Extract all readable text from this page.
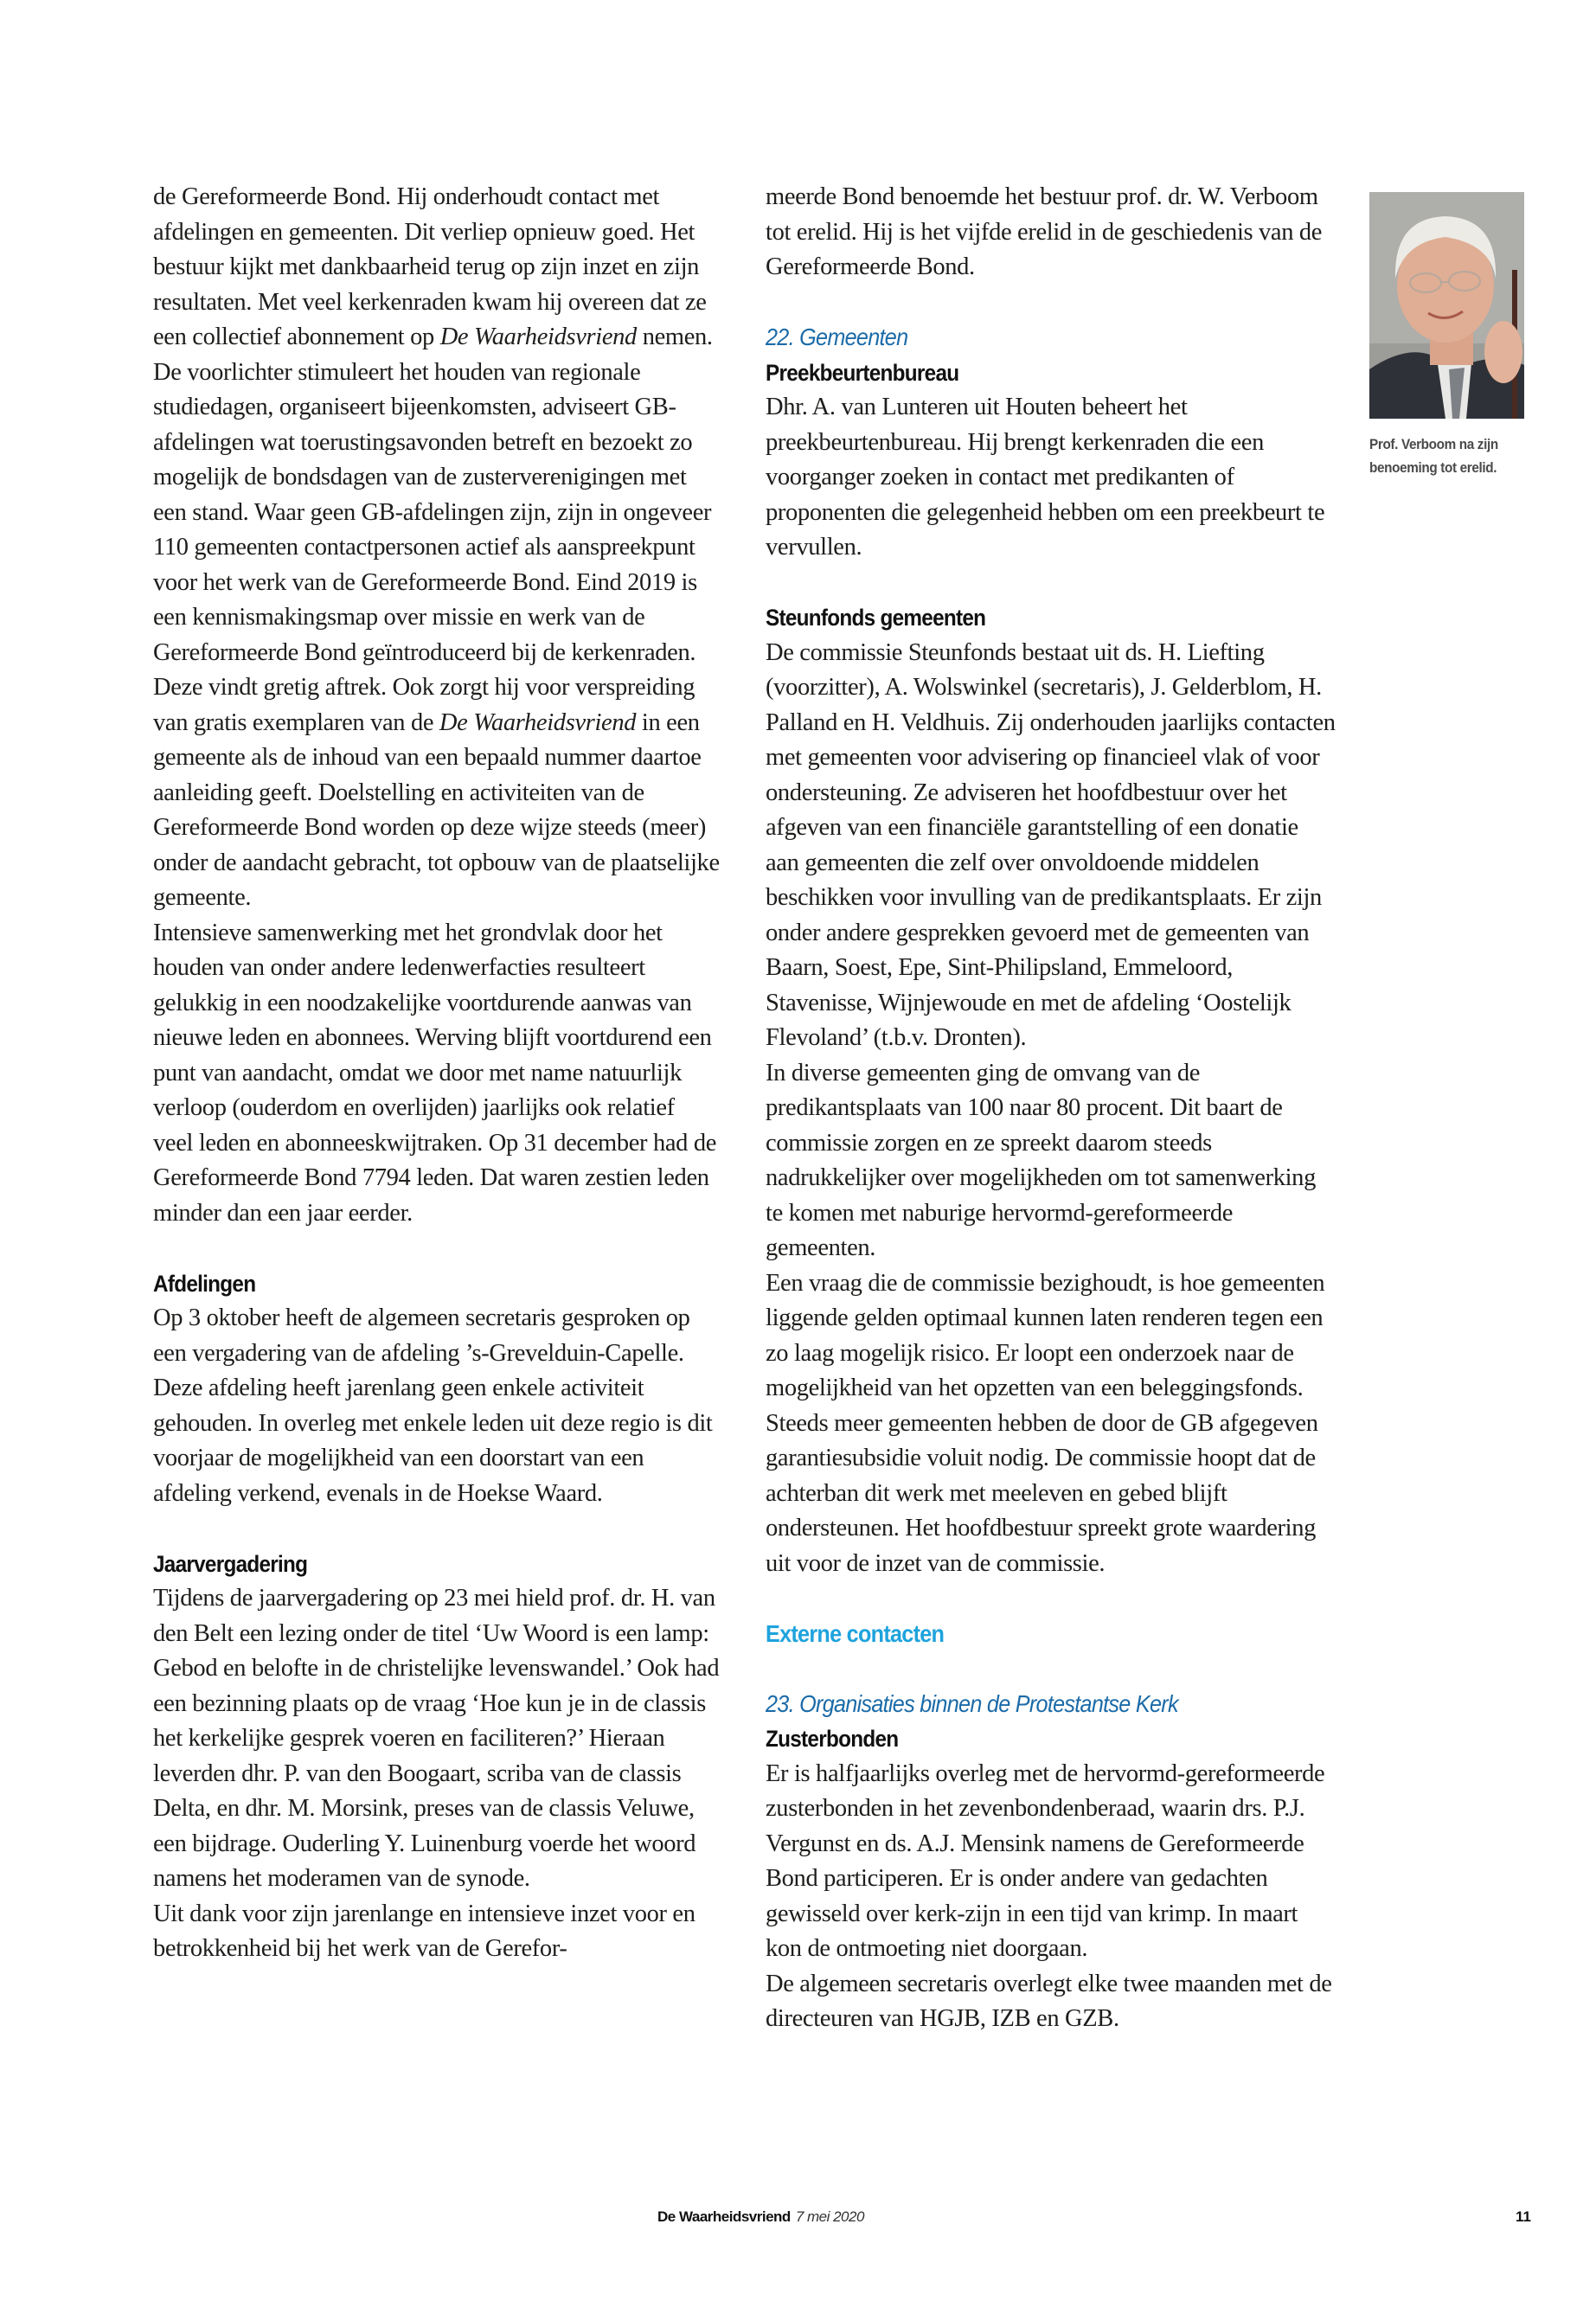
de Gereformeerde Bond. Hij onderhoudt contact met afdelingen en gemeenten. Dit verliep opnieuw goed. Het bestuur kijkt met dankbaarheid terug op zijn inzet en zijn resultaten. Met veel kerkenraden kwam hij overeen dat ze een collectief abonnement op De Waarheidsvriend nemen. De voorlichter stimuleert het houden van regionale studiedagen, organiseert bijeenkomsten, adviseert GB-afdelingen wat toerustingsavonden betreft en bezoekt zo mogelijk de bondsdagen van de zusterverenigingen met een stand. Waar geen GB-afdelingen zijn, zijn in ongeveer 110 gemeenten contactpersonen actief als aanspreekpunt voor het werk van de Gereformeerde Bond. Eind 2019 is een kennismakingsmap over missie en werk van de Gereformeerde Bond geïntroduceerd bij de kerkenraden. Deze vindt gretig aftrek. Ook zorgt hij voor verspreiding van gratis exemplaren van de De Waarheidsvriend in een gemeente als de inhoud van een bepaald nummer daartoe aanleiding geeft. Doelstelling en activiteiten van de Gereformeerde Bond worden op deze wijze steeds (meer) onder de aandacht gebracht, tot opbouw van de plaatselijke gemeente.

Intensieve samenwerking met het grondvlak door het houden van onder andere ledenwerfacties resulteert gelukkig in een noodzakelijke voortdurende aanwas van nieuwe leden en abonnees. Werving blijft voortdurend een punt van aandacht, omdat we door met name natuurlijk verloop (ouderdom en overlijden) jaarlijks ook relatief veel leden en abonneeskwijtraken. Op 31 december had de Gereformeerde Bond 7794 leden. Dat waren zestien leden minder dan een jaar eerder.

Afdelingen

Op 3 oktober heeft de algemeen secretaris gesproken op een vergadering van de afdeling ’s-Grevelduin-Capelle. Deze afdeling heeft jarenlang geen enkele activiteit gehouden. In overleg met enkele leden uit deze regio is dit voorjaar de mogelijkheid van een doorstart van een afdeling verkend, evenals in de Hoekse Waard.

Jaarvergadering

Tijdens de jaarvergadering op 23 mei hield prof. dr. H. van den Belt een lezing onder de titel ‘Uw Woord is een lamp: Gebod en belofte in de christelijke levenswandel.’ Ook had een bezinning plaats op de vraag ‘Hoe kun je in de classis het kerkelijke gesprek voeren en faciliteren?’ Hieraan leverden dhr. P. van den Boogaart, scriba van de classis Delta, en dhr. M. Morsink, preses van de classis Veluwe, een bijdrage. Ouderling Y. Luinenburg voerde het woord namens het moderamen van de synode.

Uit dank voor zijn jarenlange en intensieve inzet voor en betrokkenheid bij het werk van de Gerefor-

meerde Bond benoemde het bestuur prof. dr. W. Verboom tot erelid. Hij is het vijfde erelid in de geschiedenis van de Gereformeerde Bond.

22. Gemeenten
Preekbeurtenbureau

Dhr. A. van Lunteren uit Houten beheert het preekbeurtenbureau. Hij brengt kerkenraden die een voorganger zoeken in contact met predikanten of proponenten die gelegenheid hebben om een preekbeurt te vervullen.

Steunfonds gemeenten

De commissie Steunfonds bestaat uit ds. H. Liefting (voorzitter), A. Wolswinkel (secretaris), J. Gelderblom, H. Palland en H. Veldhuis. Zij onderhouden jaarlijks contacten met gemeenten voor advisering op financieel vlak of voor ondersteuning. Ze adviseren het hoofdbestuur over het afgeven van een financiële garantstelling of een donatie aan gemeenten die zelf over onvoldoende middelen beschikken voor invulling van de predikantsplaats. Er zijn onder andere gesprekken gevoerd met de gemeenten van Baarn, Soest, Epe, Sint-Philipsland, Emmeloord, Stavenisse, Wijnjewoude en met de afdeling ‘Oostelijk Flevoland’ (t.b.v. Dronten).

In diverse gemeenten ging de omvang van de predikantsplaats van 100 naar 80 procent. Dit baart de commissie zorgen en ze spreekt daarom steeds nadrukkelijker over mogelijkheden om tot samenwerking te komen met naburige hervormd-gereformeerde gemeenten.

Een vraag die de commissie bezighoudt, is hoe gemeenten liggende gelden optimaal kunnen laten renderen tegen een zo laag mogelijk risico. Er loopt een onderzoek naar de mogelijkheid van het opzetten van een beleggingsfonds.

Steeds meer gemeenten hebben de door de GB afgegeven garantiesubsidie voluit nodig. De commissie hoopt dat de achterban dit werk met meeleven en gebed blijft ondersteunen. Het hoofdbestuur spreekt grote waardering uit voor de inzet van de commissie.

Externe contacten
23. Organisaties binnen de Protestantse Kerk
Zusterbonden

Er is halfjaarlijks overleg met de hervormd-gereformeerde zusterbonden in het zevenbondenberaad, waarin drs. P.J. Vergunst en ds. A.J. Mensink namens de Gereformeerde Bond participeren. Er is onder andere van gedachten gewisseld over kerk-zijn in een tijd van krimp. In maart kon de ontmoeting niet doorgaan.

De algemeen secretaris overlegt elke twee maanden met de directeuren van HGJB, IZB en GZB.

Prof. Verboom na zijn benoeming tot erelid.
De Waarheidsvriend 7 mei 2020	11
